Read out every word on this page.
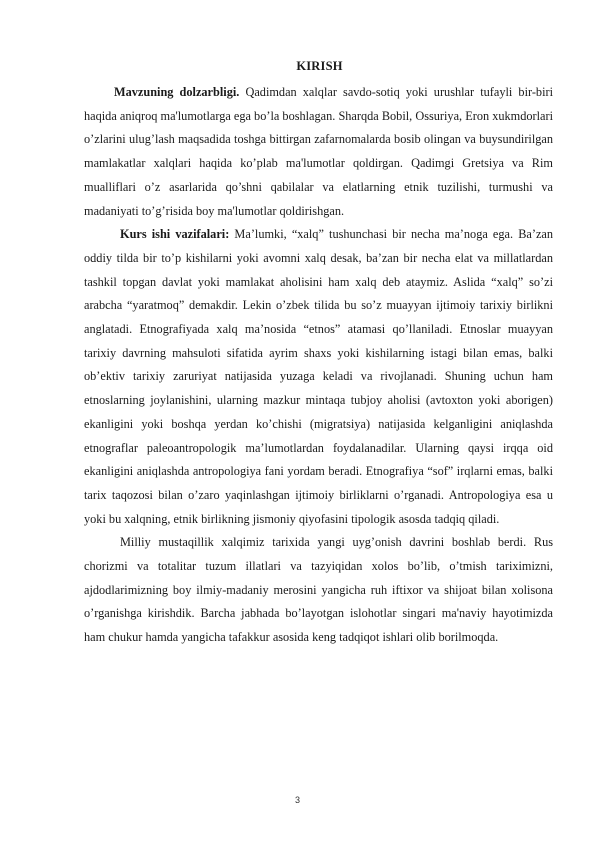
KIRISH

Mavzuning dolzarbligi. Qadimdan xalqlar savdo-sotiq yoki urushlar tufayli bir-biri haqida aniqroq ma'lumotlarga ega bo’la boshlagan. Sharqda Bobil, Ossuriya, Eron xukmdorlari o’zlarini ulug’lash maqsadida toshga bittirgan zafarnomalarda bosib olingan va buysundirilgan mamlakatlar xalqlari haqida ko’plab ma'lumotlar qoldirgan. Qadimgi Gretsiya va Rim mualliflari o’z asarlarida qo’shni qabilalar va elatlarning etnik tuzilishi, turmushi va madaniyati to’g’risida boy ma'lumotlar qoldirishgan.

Kurs ishi vazifalari: Ma’lumki, “xalq” tushunchasi bir necha maʼnoga ega. Baʼzan oddiy tilda bir toʼp kishilarni yoki avomni xalq desak, baʼzan bir necha elat va millatlardan tashkil topgan davlat yoki mamlakat aholisini ham xalq deb ataymiz. Aslida “xalq” soʼzi arabcha “yaratmoq” demakdir. Lekin oʼzbek tilida bu soʼz muayyan ijtimoiy tarixiy birlikni anglatadi. Etnografiyada xalq maʼnosida “etnos” atamasi qoʼllaniladi. Etnoslar muayyan tarixiy davrning mahsuloti sifatida ayrim shaxs yoki kishilarning istagi bilan emas, balki obʼektiv tarixiy zaruriyat natijasida yuzaga keladi va rivojlanadi. Shuning uchun ham etnoslarning joylanishini, ularning mazkur mintaqa tubjoy aholisi (avtoxton yoki aborigen) ekanligini yoki boshqa yerdan koʼchishi (migratsiya) natijasida kelganligini aniqlashda etnograflar paleoantropologik maʼlumotlardan foydalanadilar. Ularning qaysi irqqa oid ekanligini aniqlashda antropologiya fani yordam beradi. Etnografiya “sof” irqlarni emas, balki tarix taqozosi bilan oʼzaro yaqinlashgan ijtimoiy birliklarni oʼrganadi. Antropologiya esa u yoki bu xalqning, etnik birlikning jismoniy qiyofasini tipologik asosda tadqiq qiladi.

Milliy mustaqillik xalqimiz tarixida yangi uyg’onish davrini boshlab berdi. Rus chorizmi va totalitar tuzum illatlari va tazyiqidan xolos bo’lib, o’tmish tariximizni, ajdodlarimizning boy ilmiy-madaniy merosini yangicha ruh iftixor va shijoat bilan xolisona o’rganishga kirishdik. Barcha jabhada bo’layotgan islohotlar singari ma'naviy hayotimizda ham chukur hamda yangicha tafakkur asosida keng tadqiqot ishlari olib borilmoqda.

3
